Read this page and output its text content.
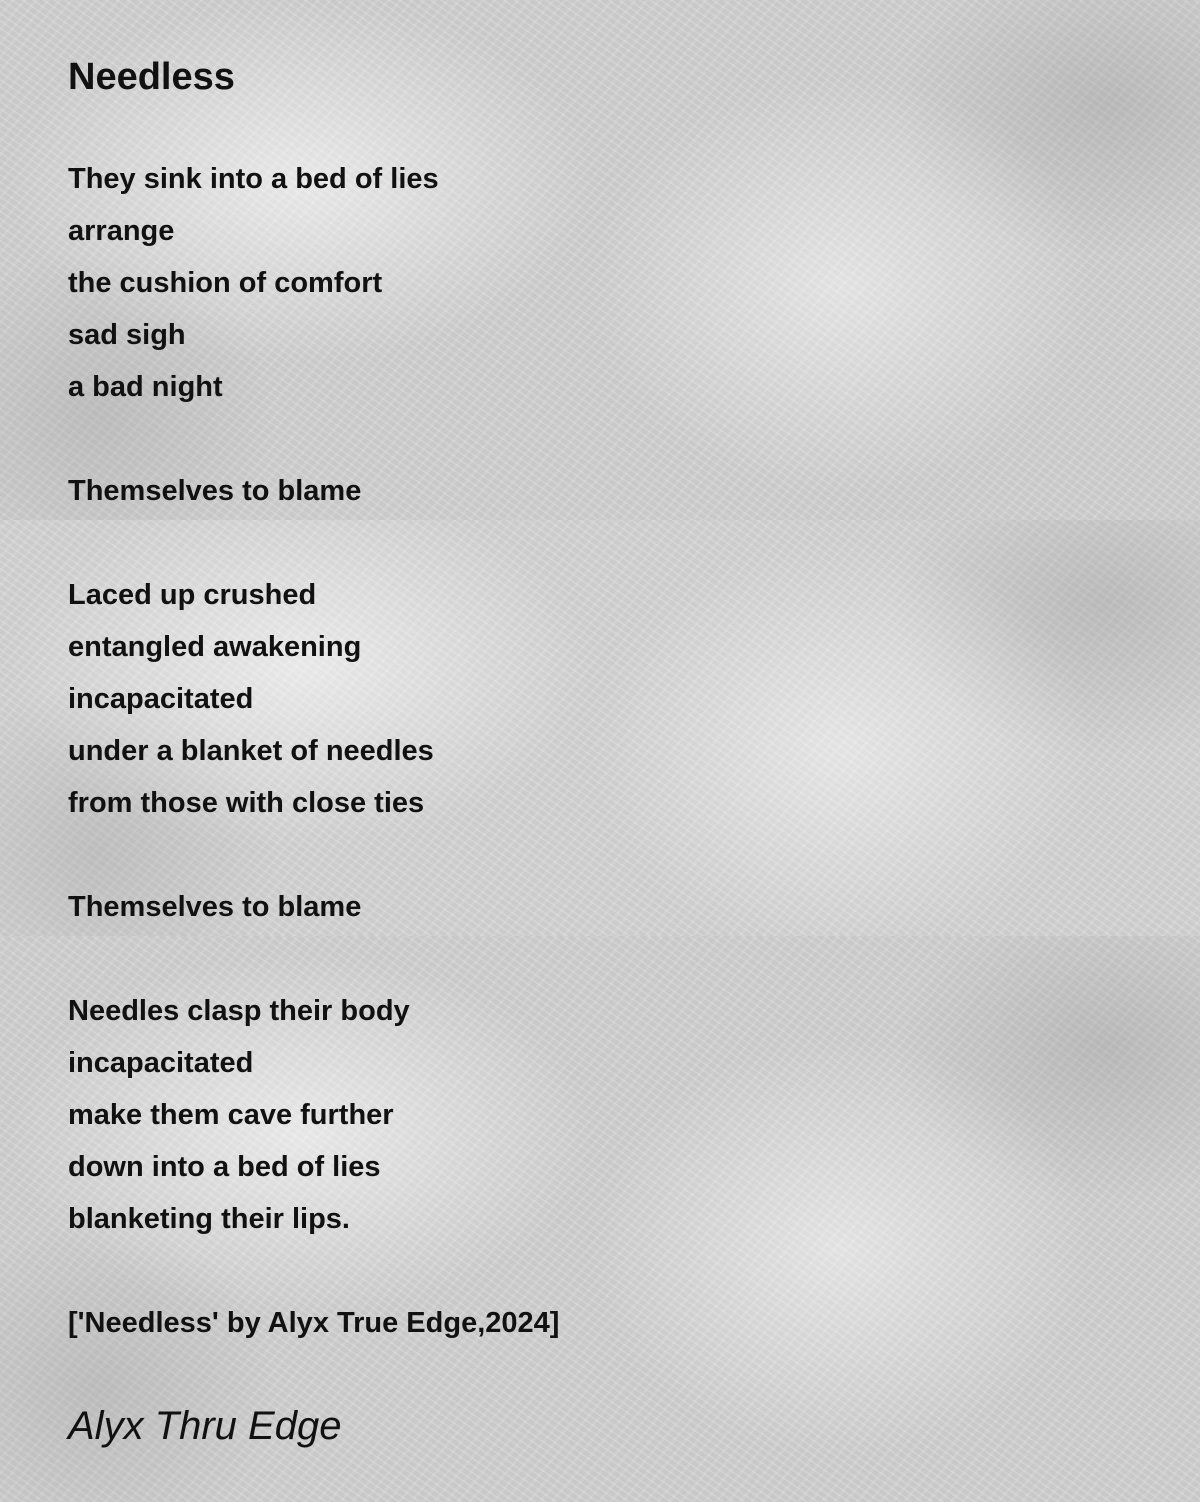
Needless
They sink into a bed of lies
arrange
the cushion of comfort
sad sigh
a bad night
Themselves to blame
Laced up crushed
entangled awakening
incapacitated
under a blanket of needles
from those with close ties
Themselves to blame
Needles clasp their body
incapacitated
make them cave further
down into a bed of lies
blanketing their lips.
['Needless' by Alyx True Edge,2024]

Alyx Thru Edge
